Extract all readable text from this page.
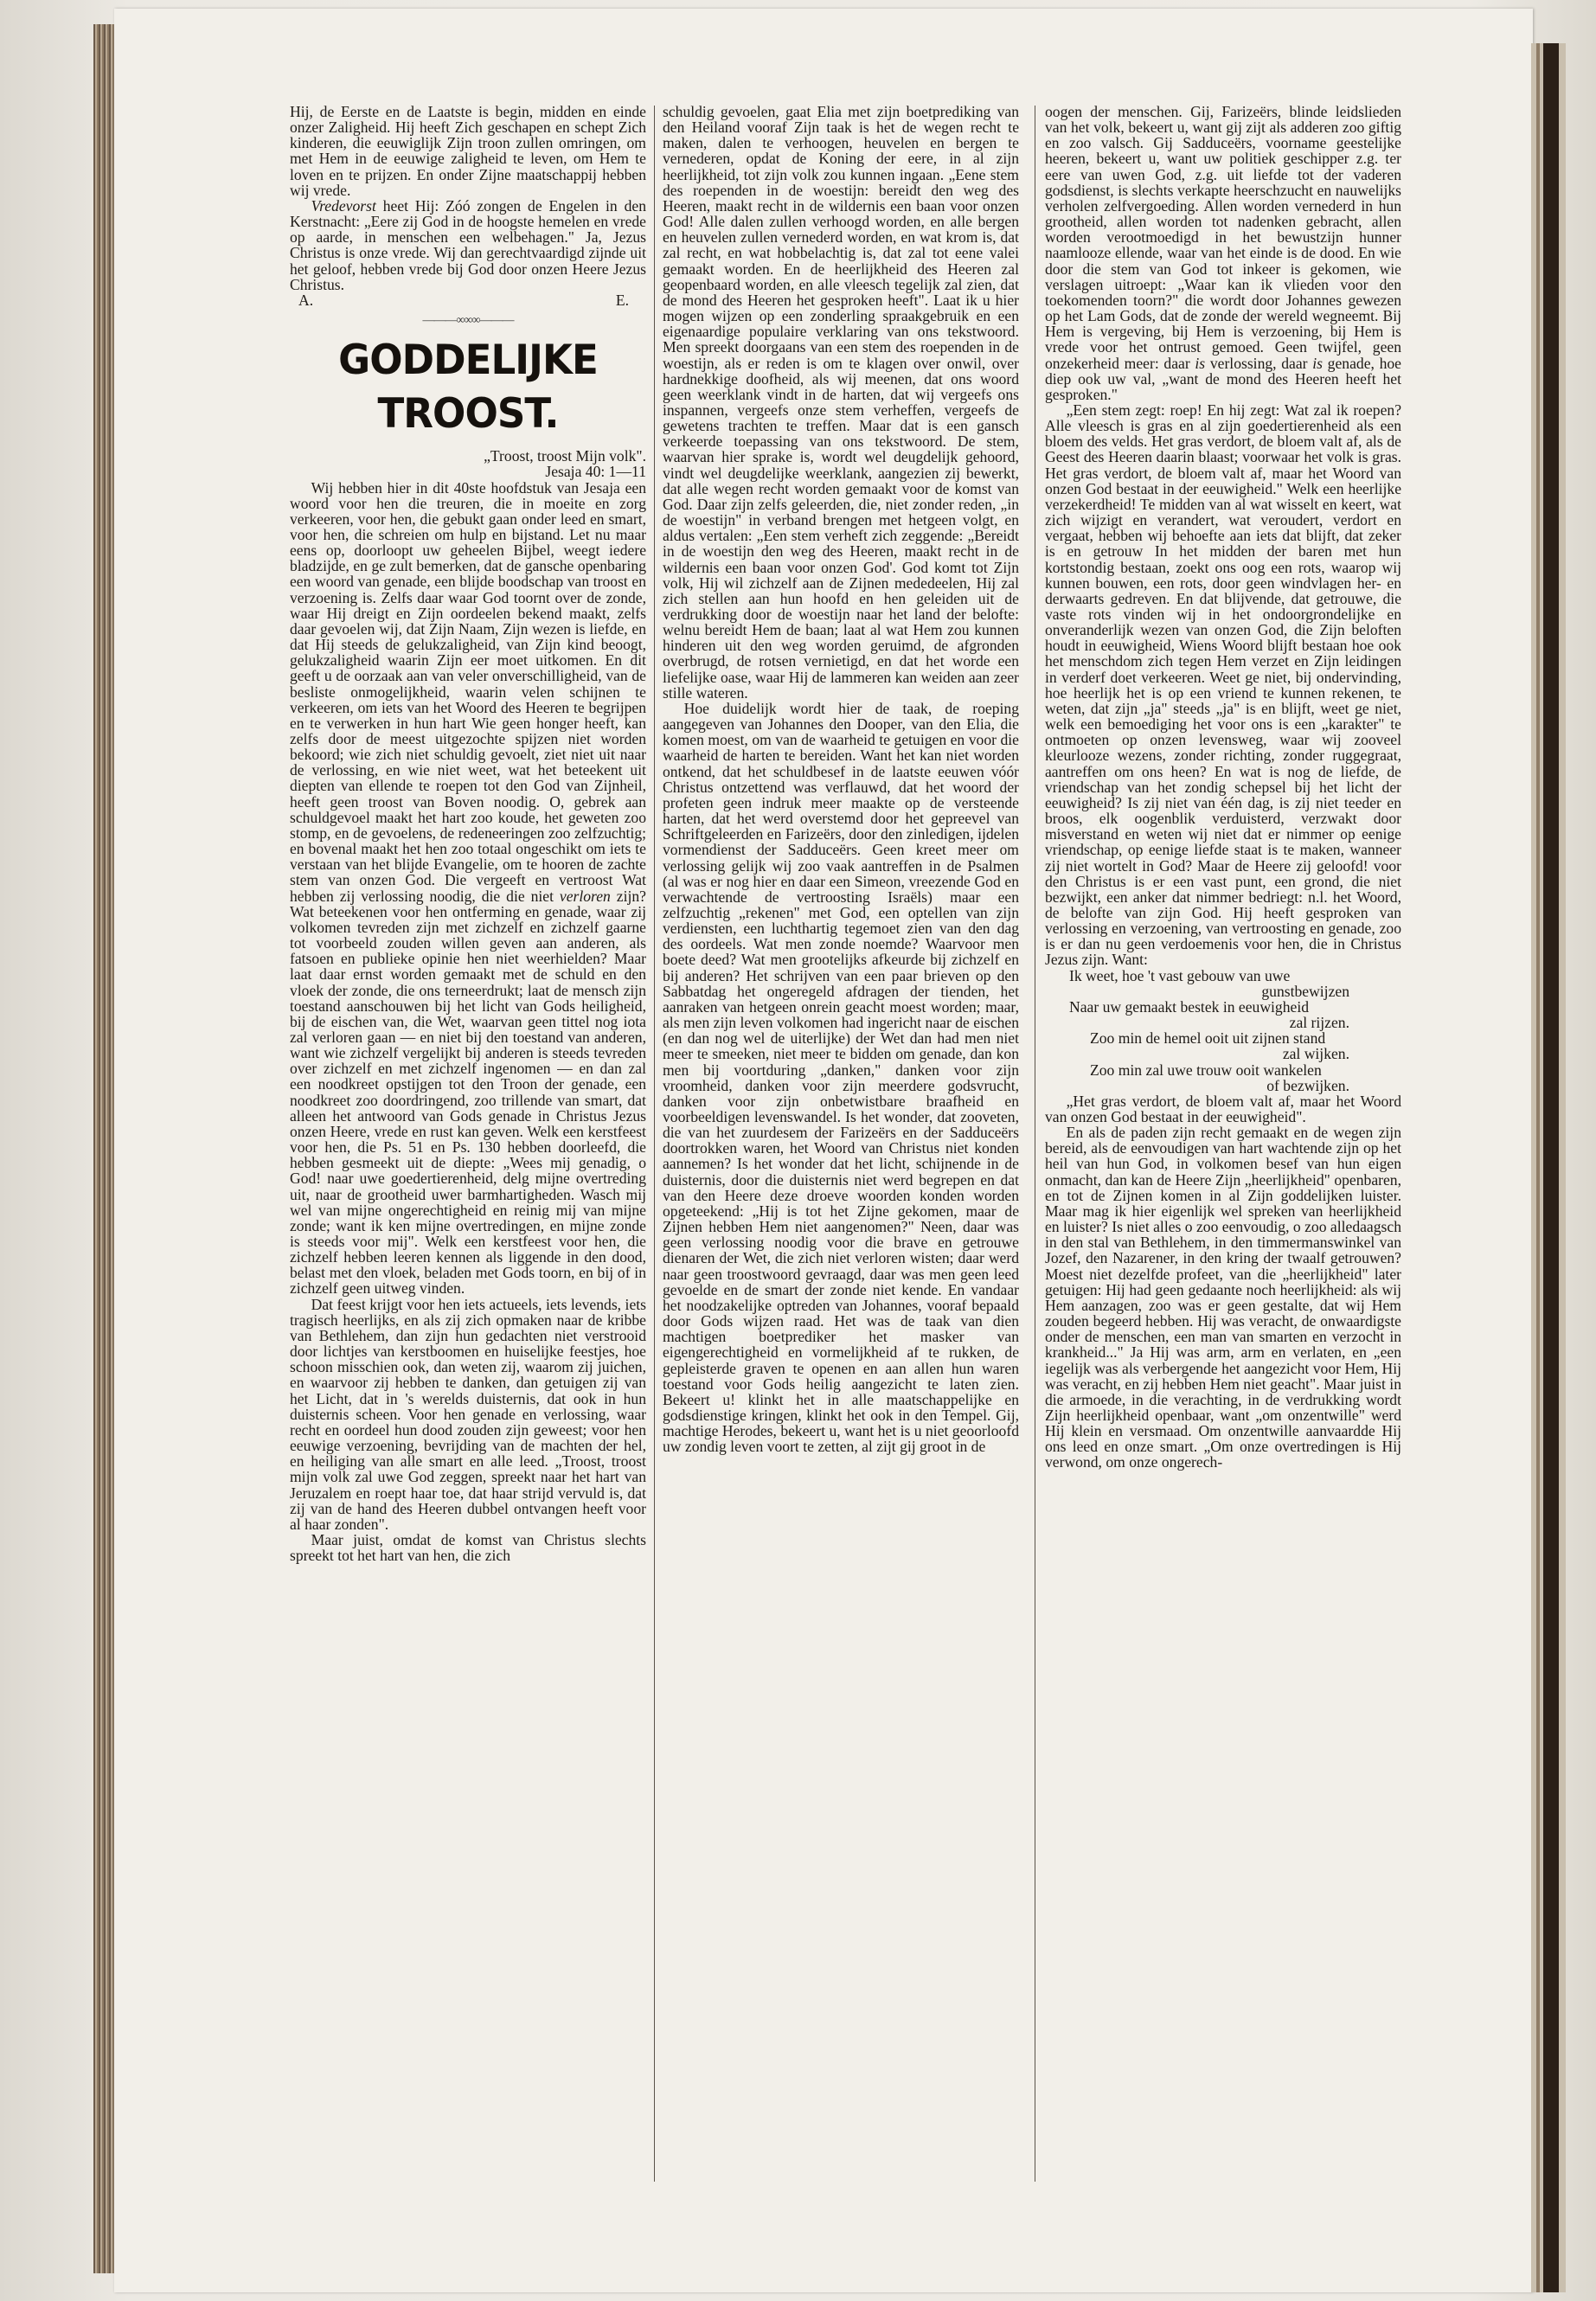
Hij, de Eerste en de Laatste is begin, midden en einde onzer Zaligheid. Hij heeft Zich geschapen en schept Zich kinderen, die eeuwiglijk Zijn troon zullen omringen, om met Hem in de eeuwige zaligheid te leven, om Hem te loven en te prijzen. En onder Zijne maatschappij hebben wij vrede.

Vredevorst heet Hij: Zóó zongen de Engelen in den Kerstnacht: „Eere zij God in de hoogste hemelen en vrede op aarde, in menschen een welbehagen." Ja, Jezus Christus is onze vrede. Wij dan gerechtvaardigd zijnde uit het geloof, hebben vrede bij God door onzen Heere Jezus Christus.

A.	E.
———∞∞∞———
GODDELIJKE TROOST.

„Troost, troost Mijn volk".

Jesaja 40: 1—11

Wij hebben hier in dit 40ste hoofdstuk van Jesaja een woord voor hen die treuren, die in moeite en zorg verkeeren, voor hen, die gebukt gaan onder leed en smart, voor hen, die schreien om hulp en bijstand. Let nu maar eens op, doorloopt uw geheelen Bijbel, weegt iedere bladzijde, en ge zult bemerken, dat de gansche openbaring een woord van genade, een blijde boodschap van troost en verzoening is. Zelfs daar waar God toornt over de zonde, waar Hij dreigt en Zijn oordeelen bekend maakt, zelfs daar gevoelen wij, dat Zijn Naam, Zijn wezen is liefde, en dat Hij steeds de gelukzaligheid, van Zijn kind beoogt, gelukzaligheid waarin Zijn eer moet uitkomen. En dit geeft u de oorzaak aan van veler onverschilligheid, van de besliste onmogelijkheid, waarin velen schijnen te verkeeren, om iets van het Woord des Heeren te begrijpen en te verwerken in hun hart Wie geen honger heeft, kan zelfs door de meest uitgezochte spijzen niet worden bekoord; wie zich niet schuldig gevoelt, ziet niet uit naar de verlossing, en wie niet weet, wat het beteekent uit diepten van ellende te roepen tot den God van Zijnheil, heeft geen troost van Boven noodig. O, gebrek aan schuldgevoel maakt het hart zoo koude, het geweten zoo stomp, en de gevoelens, de redeneeringen zoo zelfzuchtig; en bovenal maakt het hen zoo totaal ongeschikt om iets te verstaan van het blijde Evangelie, om te hooren de zachte stem van onzen God. Die vergeeft en vertroost Wat hebben zij verlossing noodig, die die niet verloren zijn? Wat beteekenen voor hen ontferming en genade, waar zij volkomen tevreden zijn met zichzelf en zichzelf gaarne tot voorbeeld zouden willen geven aan anderen, als fatsoen en publieke opinie hen niet weerhielden? Maar laat daar ernst worden gemaakt met de schuld en den vloek der zonde, die ons terneerdrukt; laat de mensch zijn toestand aanschouwen bij het licht van Gods heiligheid, bij de eischen van, die Wet, waarvan geen tittel nog iota zal verloren gaan — en niet bij den toestand van anderen, want wie zichzelf vergelijkt bij anderen is steeds tevreden over zichzelf en met zichzelf ingenomen — en dan zal een noodkreet opstijgen tot den Troon der genade, een noodkreet zoo doordringend, zoo trillende van smart, dat alleen het antwoord van Gods genade in Christus Jezus onzen Heere, vrede en rust kan geven. Welk een kerstfeest voor hen, die Ps. 51 en Ps. 130 hebben doorleefd, die hebben gesmeekt uit de diepte: „Wees mij genadig, o God! naar uwe goedertierenheid, delg mijne overtreding uit, naar de grootheid uwer barmhartigheden. Wasch mij wel van mijne ongerechtigheid en reinig mij van mijne zonde; want ik ken mijne overtredingen, en mijne zonde is steeds voor mij". Welk een kerstfeest voor hen, die zichzelf hebben leeren kennen als liggende in den dood, belast met den vloek, beladen met Gods toorn, en bij of in zichzelf geen uitweg vinden.

Dat feest krijgt voor hen iets actueels, iets levends, iets tragisch heerlijks, en als zij zich opmaken naar de kribbe van Bethlehem, dan zijn hun gedachten niet verstrooid door lichtjes van kerstboomen en huiselijke feestjes, hoe schoon misschien ook, dan weten zij, waarom zij juichen, en waarvoor zij hebben te danken, dan getuigen zij van het Licht, dat in 's werelds duisternis, dat ook in hun duisternis scheen. Voor hen genade en verlossing, waar recht en oordeel hun dood zouden zijn geweest; voor hen eeuwige verzoening, bevrijding van de machten der hel, en heiliging van alle smart en alle leed. „Troost, troost mijn volk zal uwe God zeggen, spreekt naar het hart van Jeruzalem en roept haar toe, dat haar strijd vervuld is, dat zij van de hand des Heeren dubbel ontvangen heeft voor al haar zonden".

Maar juist, omdat de komst van Christus slechts spreekt tot het hart van hen, die zich

schuldig gevoelen, gaat Elia met zijn boetprediking van den Heiland vooraf Zijn taak is het de wegen recht te maken, dalen te verhoogen, heuvelen en bergen te vernederen, opdat de Koning der eere, in al zijn heerlijkheid, tot zijn volk zou kunnen ingaan. „Eene stem des roependen in de woestijn: bereidt den weg des Heeren, maakt recht in de wildernis een baan voor onzen God! Alle dalen zullen verhoogd worden, en alle bergen en heuvelen zullen vernederd worden, en wat krom is, dat zal recht, en wat hobbelachtig is, dat zal tot eene valei gemaakt worden. En de heerlijkheid des Heeren zal geopenbaard worden, en alle vleesch tegelijk zal zien, dat de mond des Heeren het gesproken heeft". Laat ik u hier mogen wijzen op een zonderling spraakgebruik en een eigenaardige populaire verklaring van ons tekstwoord. Men spreekt doorgaans van een stem des roependen in de woestijn, als er reden is om te klagen over onwil, over hardnekkige doofheid, als wij meenen, dat ons woord geen weerklank vindt in de harten, dat wij vergeefs ons inspannen, vergeefs onze stem verheffen, vergeefs de gewetens trachten te treffen. Maar dat is een gansch verkeerde toepassing van ons tekstwoord. De stem, waarvan hier sprake is, wordt wel deugdelijk gehoord, vindt wel deugdelijke weerklank, aangezien zij bewerkt, dat alle wegen recht worden gemaakt voor de komst van God. Daar zijn zelfs geleerden, die, niet zonder reden, „in de woestijn" in verband brengen met hetgeen volgt, en aldus vertalen: „Een stem verheft zich zeggende: „Bereidt in de woestijn den weg des Heeren, maakt recht in de wildernis een baan voor onzen God'. God komt tot Zijn volk, Hij wil zichzelf aan de Zijnen mededeelen, Hij zal zich stellen aan hun hoofd en hen geleiden uit de verdrukking door de woestijn naar het land der belofte: welnu bereidt Hem de baan; laat al wat Hem zou kunnen hinderen uit den weg worden geruimd, de afgronden overbrugd, de rotsen vernietigd, en dat het worde een liefelijke oase, waar Hij de lammeren kan weiden aan zeer stille wateren.

Hoe duidelijk wordt hier de taak, de roeping aangegeven van Johannes den Dooper, van den Elia, die komen moest, om van de waarheid te getuigen en voor die waarheid de harten te bereiden. Want het kan niet worden ontkend, dat het schuldbesef in de laatste eeuwen vóór Christus ontzettend was verflauwd, dat het woord der profeten geen indruk meer maakte op de versteende harten, dat het werd overstemd door het gepreevel van Schriftgeleerden en Farizeërs, door den zinledigen, ijdelen vormendienst der Sadduceërs. Geen kreet meer om verlossing gelijk wij zoo vaak aantreffen in de Psalmen (al was er nog hier en daar een Simeon, vreezende God en verwachtende de vertroosting Israëls) maar een zelfzuchtig „rekenen" met God, een optellen van zijn verdiensten, een luchthartig tegemoet zien van den dag des oordeels. Wat men zonde noemde? Waarvoor men boete deed? Wat men grootelijks afkeurde bij zichzelf en bij anderen? Het schrijven van een paar brieven op den Sabbatdag het ongeregeld afdragen der tienden, het aanraken van hetgeen onrein geacht moest worden; maar, als men zijn leven volkomen had ingericht naar de eischen (en dan nog wel de uiterlijke) der Wet dan had men niet meer te smeeken, niet meer te bidden om genade, dan kon men bij voortduring „danken," danken voor zijn vroomheid, danken voor zijn meerdere godsvrucht, danken voor zijn onbetwistbare braafheid en voorbeeldigen levenswandel. Is het wonder, dat zooveten, die van het zuurdesem der Farizeërs en der Sadduceërs doortrokken waren, het Woord van Christus niet konden aannemen? Is het wonder dat het licht, schijnende in de duisternis, door die duisternis niet werd begrepen en dat van den Heere deze droeve woorden konden worden opgeteekend: „Hij is tot het Zijne gekomen, maar de Zijnen hebben Hem niet aangenomen?" Neen, daar was geen verlossing noodig voor die brave en getrouwe dienaren der Wet, die zich niet verloren wisten; daar werd naar geen troostwoord gevraagd, daar was men geen leed gevoelde en de smart der zonde niet kende. En vandaar het noodzakelijke optreden van Johannes, vooraf bepaald door Gods wijzen raad. Het was de taak van dien machtigen boetprediker het masker van eigengerechtigheid en vormelijkheid af te rukken, de gepleisterde graven te openen en aan allen hun waren toestand voor Gods heilig aangezicht te laten zien. Bekeert u! klinkt het in alle maatschappelijke en godsdienstige kringen, klinkt het ook in den Tempel. Gij, machtige Herodes, bekeert u, want het is u niet geoorloofd uw zondig leven voort te zetten, al zijt gij groot in de

oogen der menschen. Gij, Farizeërs, blinde leidslieden van het volk, bekeert u, want gij zijt als adderen zoo giftig en zoo valsch. Gij Sadduceërs, voorname geestelijke heeren, bekeert u, want uw politiek geschipper z.g. ter eere van uwen God, z.g. uit liefde tot der vaderen godsdienst, is slechts verkapte heerschzucht en nauwelijks verholen zelfvergoeding. Allen worden vernederd in hun grootheid, allen worden tot nadenken gebracht, allen worden verootmoedigd in het bewustzijn hunner naamlooze ellende, waar van het einde is de dood. En wie door die stem van God tot inkeer is gekomen, wie verslagen uitroept: „Waar kan ik vlieden voor den toekomenden toorn?" die wordt door Johannes gewezen op het Lam Gods, dat de zonde der wereld wegneemt. Bij Hem is vergeving, bij Hem is verzoening, bij Hem is vrede voor het ontrust gemoed. Geen twijfel, geen onzekerheid meer: daar is verlossing, daar is genade, hoe diep ook uw val, „want de mond des Heeren heeft het gesproken."

„Een stem zegt: roep! En hij zegt: Wat zal ik roepen? Alle vleesch is gras en al zijn goedertierenheid als een bloem des velds. Het gras verdort, de bloem valt af, als de Geest des Heeren daarin blaast; voorwaar het volk is gras. Het gras verdort, de bloem valt af, maar het Woord van onzen God bestaat in der eeuwigheid." Welk een heerlijke verzekerdheid! Te midden van al wat wisselt en keert, wat zich wijzigt en verandert, wat veroudert, verdort en vergaat, hebben wij behoefte aan iets dat blijft, dat zeker is en getrouw In het midden der baren met hun kortstondig bestaan, zoekt ons oog een rots, waarop wij kunnen bouwen, een rots, door geen windvlagen her- en derwaarts gedreven. En dat blijvende, dat getrouwe, die vaste rots vinden wij in het ondoorgrondelijke en onveranderlijk wezen van onzen God, die Zijn beloften houdt in eeuwigheid, Wiens Woord blijft bestaan hoe ook het menschdom zich tegen Hem verzet en Zijn leidingen in verderf doet verkeeren. Weet ge niet, bij ondervinding, hoe heerlijk het is op een vriend te kunnen rekenen, te weten, dat zijn „ja" steeds „ja" is en blijft, weet ge niet, welk een bemoediging het voor ons is een „karakter" te ontmoeten op onzen levensweg, waar wij zooveel kleurlooze wezens, zonder richting, zonder ruggegraat, aantreffen om ons heen? En wat is nog de liefde, de vriendschap van het zondig schepsel bij het licht der eeuwigheid? Is zij niet van één dag, is zij niet teeder en broos, elk oogenblik verduisterd, verzwakt door misverstand en weten wij niet dat er nimmer op eenige vriendschap, op eenige liefde staat is te maken, wanneer zij niet wortelt in God? Maar de Heere zij geloofd! voor den Christus is er een vast punt, een grond, die niet bezwijkt, een anker dat nimmer bedriegt: n.l. het Woord, de belofte van zijn God. Hij heeft gesproken van verlossing en verzoening, van vertroosting en genade, zoo is er dan nu geen verdoemenis voor hen, die in Christus Jezus zijn. Want:

Ik weet, hoe 't vast gebouw van uwe
gunstbewijzen
Naar uw gemaakt bestek in eeuwigheid
zal rijzen.
Zoo min de hemel ooit uit zijnen stand
zal wijken.
Zoo min zal uwe trouw ooit wankelen
of bezwijken.

„Het gras verdort, de bloem valt af, maar het Woord van onzen God bestaat in der eeuwigheid".

En als de paden zijn recht gemaakt en de wegen zijn bereid, als de eenvoudigen van hart wachtende zijn op het heil van hun God, in volkomen besef van hun eigen onmacht, dan kan de Heere Zijn „heerlijkheid" openbaren, en tot de Zijnen komen in al Zijn goddelijken luister. Maar mag ik hier eigenlijk wel spreken van heerlijkheid en luister? Is niet alles o zoo eenvoudig, o zoo alledaagsch in den stal van Bethlehem, in den timmermanswinkel van Jozef, den Nazarener, in den kring der twaalf getrouwen? Moest niet dezelfde profeet, van die „heerlijkheid" later getuigen: Hij had geen gedaante noch heerlijkheid: als wij Hem aanzagen, zoo was er geen gestalte, dat wij Hem zouden begeerd hebben. Hij was veracht, de onwaardigste onder de menschen, een man van smarten en verzocht in krankheid..." Ja Hij was arm, arm en verlaten, en „een iegelijk was als verbergende het aangezicht voor Hem, Hij was veracht, en zij hebben Hem niet geacht". Maar juist in die armoede, in die verachting, in de verdrukking wordt Zijn heerlijkheid openbaar, want „om onzentwille" werd Hij klein en versmaad. Om onzentwille aanvaardde Hij ons leed en onze smart. „Om onze overtredingen is Hij verwond, om onze ongerech-
